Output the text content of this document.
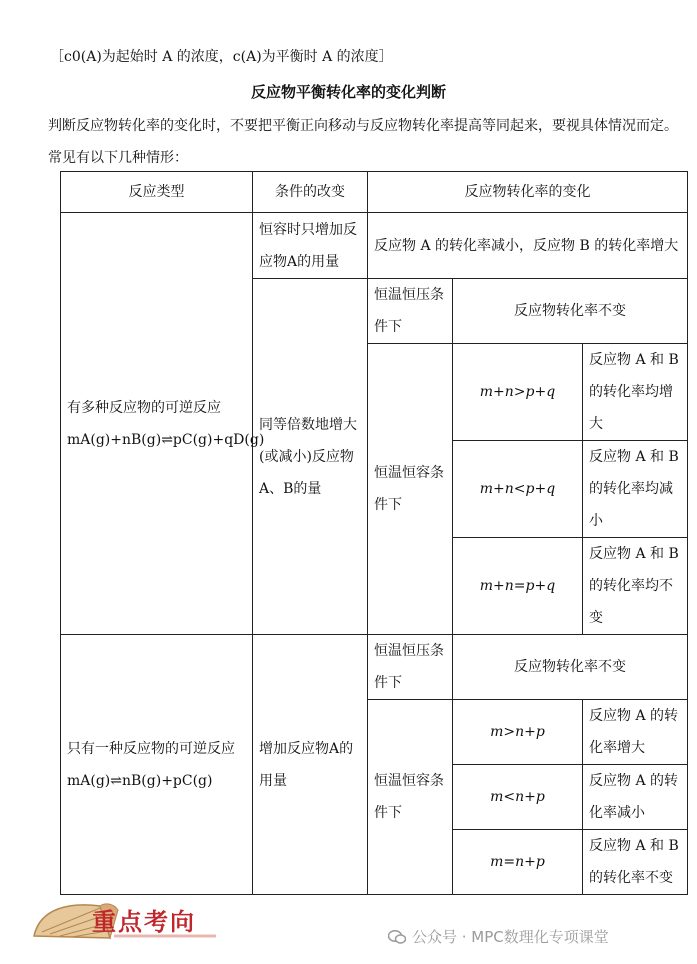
［c0(A)为起始时 A 的浓度，c(A)为平衡时 A 的浓度］
反应物平衡转化率的变化判断
判断反应物转化率的变化时，不要把平衡正向移动与反应物转化率提高等同起来，要视具体情况而定。
常见有以下几种情形：
反应类型	条件的改变	反应物转化率的变化		

有多种反应物的可逆反应
mA(g)+nB(g)⇌pC(g)+qD(g)	恒容时只增加反应物A的用量	反应物 A 的转化率减小，反应物 B 的转化率增大		
	同等倍数地增大(或减小)反应物A、B的量	恒温恒压条件下	反应物转化率不变	
		恒温恒容条件下	m+n>p+q	反应物 A 和 B 的转化率均增大
			m+n<p+q	反应物 A 和 B 的转化率均减小
			m+n=p+q	反应物 A 和 B 的转化率均不变

只有一种反应物的可逆反应
mA(g)⇌nB(g)+pC(g)	增加反应物A的用量	恒温恒压条件下	反应物转化率不变	
		恒温恒容条件下	m>n+p	反应物 A 的转化率增大
			m<n+p	反应物 A 的转化率减小
			m=n+p	反应物 A 和 B 的转化率不变
重点考向
公众号 · MPC数理化专项课堂
